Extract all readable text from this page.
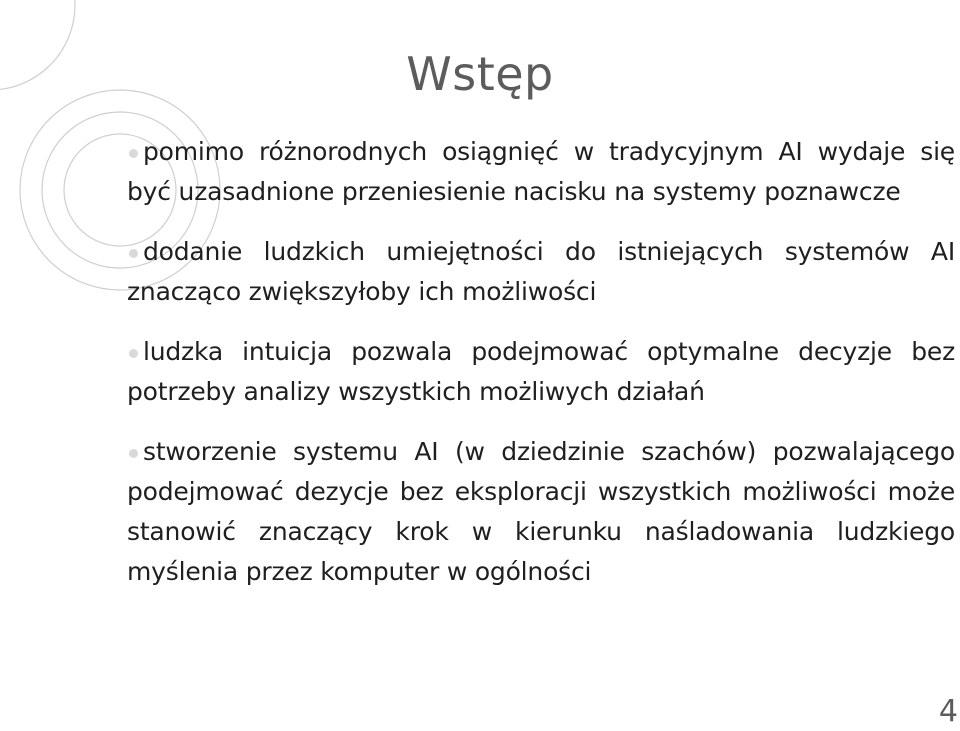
Wstęp
pomimo różnorodnych osiągnięć w tradycyjnym AI wydaje się być uzasadnione przeniesienie nacisku na systemy poznawcze
dodanie ludzkich umiejętności do istniejących systemów AI znacząco zwiększyłoby ich możliwości
ludzka intuicja pozwala podejmować optymalne decyzje bez potrzeby analizy wszystkich możliwych działań
stworzenie systemu AI (w dziedzinie szachów) pozwalającego podejmować dezycje bez eksploracji wszystkich możliwości może stanowić znaczący krok w kierunku naśladowania ludzkiego myślenia przez komputer w ogólności
4
